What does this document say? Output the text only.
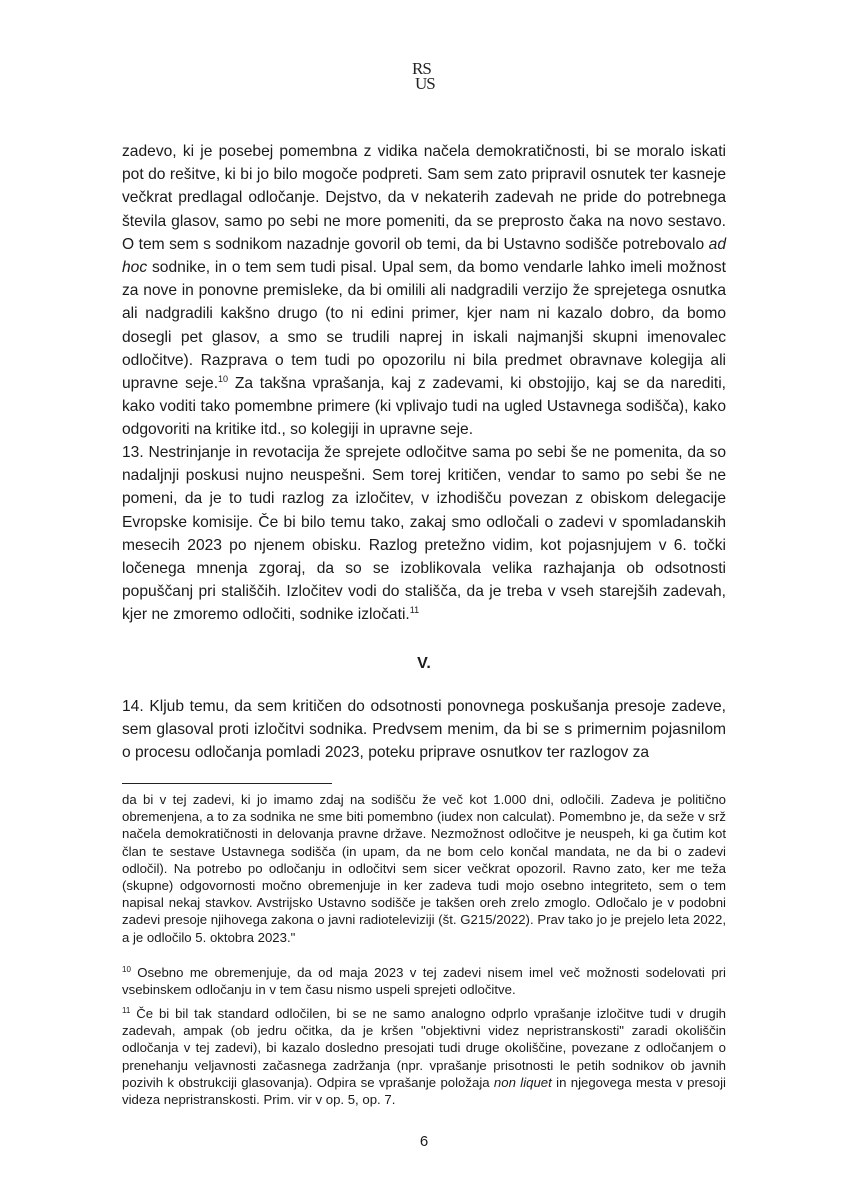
RS
US

zadevo, ki je posebej pomembna z vidika načela demokratičnosti, bi se moralo iskati pot do rešitve, ki bi jo bilo mogoče podpreti. Sam sem zato pripravil osnutek ter kasneje večkrat predlagal odločanje. Dejstvo, da v nekaterih zadevah ne pride do potrebnega števila glasov, samo po sebi ne more pomeniti, da se preprosto čaka na novo sestavo. O tem sem s sodnikom nazadnje govoril ob temi, da bi Ustavno sodišče potrebovalo ad hoc sodnike, in o tem sem tudi pisal. Upal sem, da bomo vendarle lahko imeli možnost za nove in ponovne premisleke, da bi omilili ali nadgradili verzijo že sprejetega osnutka ali nadgradili kakšno drugo (to ni edini primer, kjer nam ni kazalo dobro, da bomo dosegli pet glasov, a smo se trudili naprej in iskali najmanjši skupni imenovalec odločitve). Razprava o tem tudi po opozorilu ni bila predmet obravnave kolegija ali upravne seje.$^{10}$ Za takšna vprašanja, kaj z zadevami, ki obstojijo, kaj se da narediti, kako voditi tako pomembne primere (ki vplivajo tudi na ugled Ustavnega sodišča), kako odgovoriti na kritike itd., so kolegiji in upravne seje.

13. Nestrinjanje in revotacija že sprejete odločitve sama po sebi še ne pomenita, da so nadaljnji poskusi nujno neuspešni. Sem torej kritičen, vendar to samo po sebi še ne pomeni, da je to tudi razlog za izločitev, v izhodišču povezan z obiskom delegacije Evropske komisije. Če bi bilo temu tako, zakaj smo odločali o zadevi v spomladanskih mesecih 2023 po njenem obisku. Razlog pretežno vidim, kot pojasnjujem v 6. točki ločenega mnenja zgoraj, da so se izoblikovala velika razhajanja ob odsotnosti popuščanj pri stališčih. Izločitev vodi do stališča, da je treba v vseh starejših zadevah, kjer ne zmoremo odločiti, sodnike izločati.$^{11}$

V.

14. Kljub temu, da sem kritičen do odsotnosti ponovnega poskušanja presoje zadeve, sem glasoval proti izločitvi sodnika. Predvsem menim, da bi se s primernim pojasnilom o procesu odločanja pomladi 2023, poteku priprave osnutkov ter razlogov za

da bi v tej zadevi, ki jo imamo zdaj na sodišču že več kot 1.000 dni, odločili. Zadeva je politično obremenjena, a to za sodnika ne sme biti pomembno (iudex non calculat). Pomembno je, da seže v srž načela demokratičnosti in delovanja pravne države. Nezmožnost odločitve je neuspeh, ki ga čutim kot član te sestave Ustavnega sodišča (in upam, da ne bom celo končal mandata, ne da bi o zadevi odločil). Na potrebo po odločanju in odločitvi sem sicer večkrat opozoril. Ravno zato, ker me teža (skupne) odgovornosti močno obremenjuje in ker zadeva tudi mojo osebno integriteto, sem o tem napisal nekaj stavkov. Avstrijsko Ustavno sodišče je takšen oreh zrelo zmoglo. Odločalo je v podobni zadevi presoje njihovega zakona o javni radioteleviziji (št. G215/2022). Prav tako jo je prejelo leta 2022, a je odločilo 5. oktobra 2023."

$^{10}$ Osebno me obremenjuje, da od maja 2023 v tej zadevi nisem imel več možnosti sodelovati pri vsebinskem odločanju in v tem času nismo uspeli sprejeti odločitve.

$^{11}$ Če bi bil tak standard odločilen, bi se ne samo analogno odprlo vprašanje izločitve tudi v drugih zadevah, ampak (ob jedru očitka, da je kršen "objektivni videz nepristranskosti" zaradi okoliščin odločanja v tej zadevi), bi kazalo dosledno presojati tudi druge okoliščine, povezane z odločanjem o prenehanju veljavnosti začasnega zadržanja (npr. vprašanje prisotnosti le petih sodnikov ob javnih pozivih k obstrukciji glasovanja). Odpira se vprašanje položaja non liquet in njegovega mesta v presoji videza nepristranskosti. Prim. vir v op. 5, op. 7.

6
